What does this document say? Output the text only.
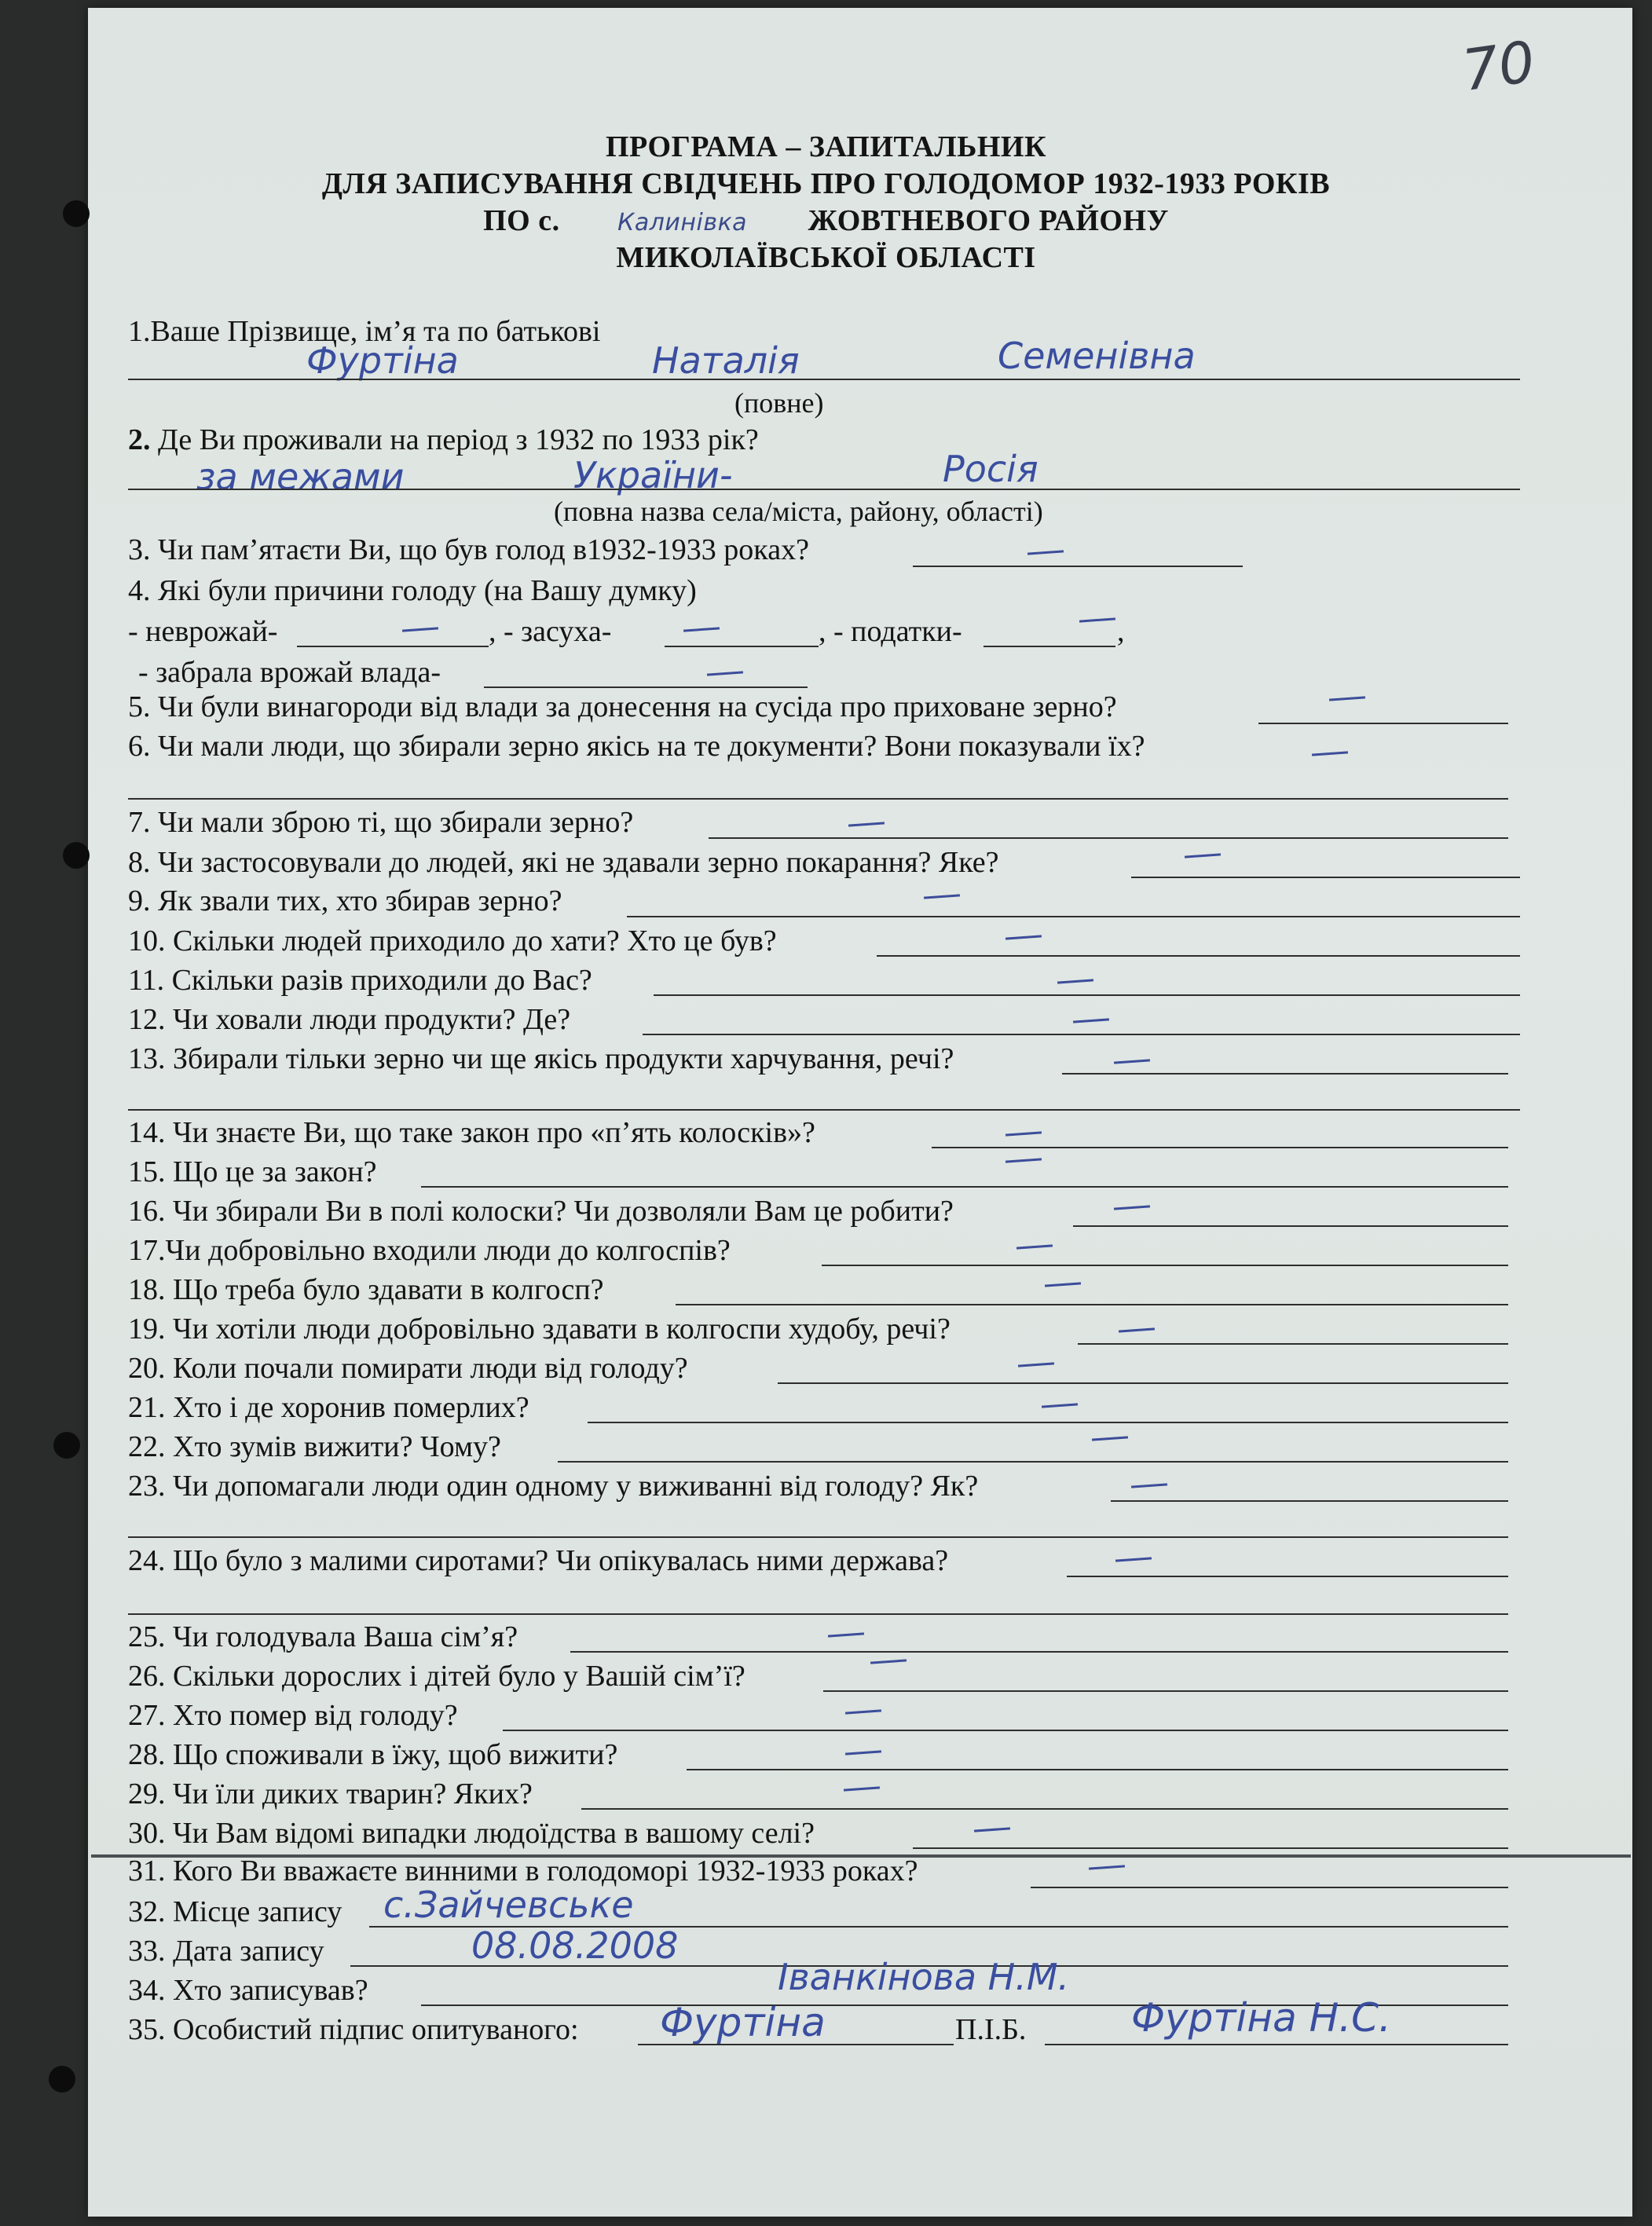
70
ПРОГРАМА – ЗАПИТАЛЬНИК
ДЛЯ ЗАПИСУВАННЯ СВІДЧЕНЬ ПРО ГОЛОДОМОР 1932-1933 РОКІВ
ПО с. Калинівка ЖОВТНЕВОГО РАЙОНУ
МИКОЛАЇВСЬКОЇ ОБЛАСТІ
1.Ваше Прізвище, ім’я та по батькові
Фуртіна	Наталія	Семенівна
(повне)
2. Де Ви проживали на період з 1932 по 1933 рік?
за межами	України-	Росія
(повна назва села/міста, району, області)
3. Чи пам’ятаєти Ви, що був голод в1932-1933 роках?
4. Які були причини голоду (на Вашу думку)
- неврожай-	, - засуха-	, - податки-	,
- забрала врожай влада-
5. Чи були винагороди від влади за донесення на сусіда про приховане зерно?
6. Чи мали люди, що збирали зерно якісь на те документи? Вони показували їх?
7. Чи мали зброю ті, що збирали зерно?
8. Чи застосовували до людей, які не здавали зерно покарання? Яке?
9. Як звали тих, хто збирав зерно?
10. Скільки людей приходило до хати? Хто це був?
11. Скільки разів приходили до Вас?
12. Чи ховали люди продукти? Де?
13. Збирали тільки зерно чи ще якісь продукти харчування, речі?
14. Чи знаєте Ви, що таке закон про «п’ять колосків»?
15. Що це за закон?
16. Чи збирали Ви в полі колоски? Чи дозволяли Вам це робити?
17.Чи добровільно входили люди до колгоспів?
18. Що треба було здавати в колгосп?
19. Чи хотіли люди добровільно здавати в колгоспи худобу, речі?
20. Коли почали помирати люди від голоду?
21. Хто і де хоронив померлих?
22. Хто зумів вижити? Чому?
23. Чи допомагали люди один одному у виживанні від голоду? Як?
24. Що було з малими сиротами? Чи опікувалась ними держава?
25. Чи голодувала Ваша сім’я?
26. Скільки дорослих і дітей було у Вашій сім’ї?
27. Хто помер від голоду?
28. Що споживали в їжу, щоб вижити?
29. Чи їли диких тварин? Яких?
30. Чи Вам відомі випадки людоїдства в вашому селі?
31. Кого Ви вважаєте винними в голодоморі 1932-1933 роках?
32. Місце запису с.Зайчевське
33. Дата запису	08.08.2008
34. Хто записував?	Іванкінова Н.М.
35. Особистий підпис опитуваного: Фуртіна	П.І.Б.	Фуртіна Н.С.
